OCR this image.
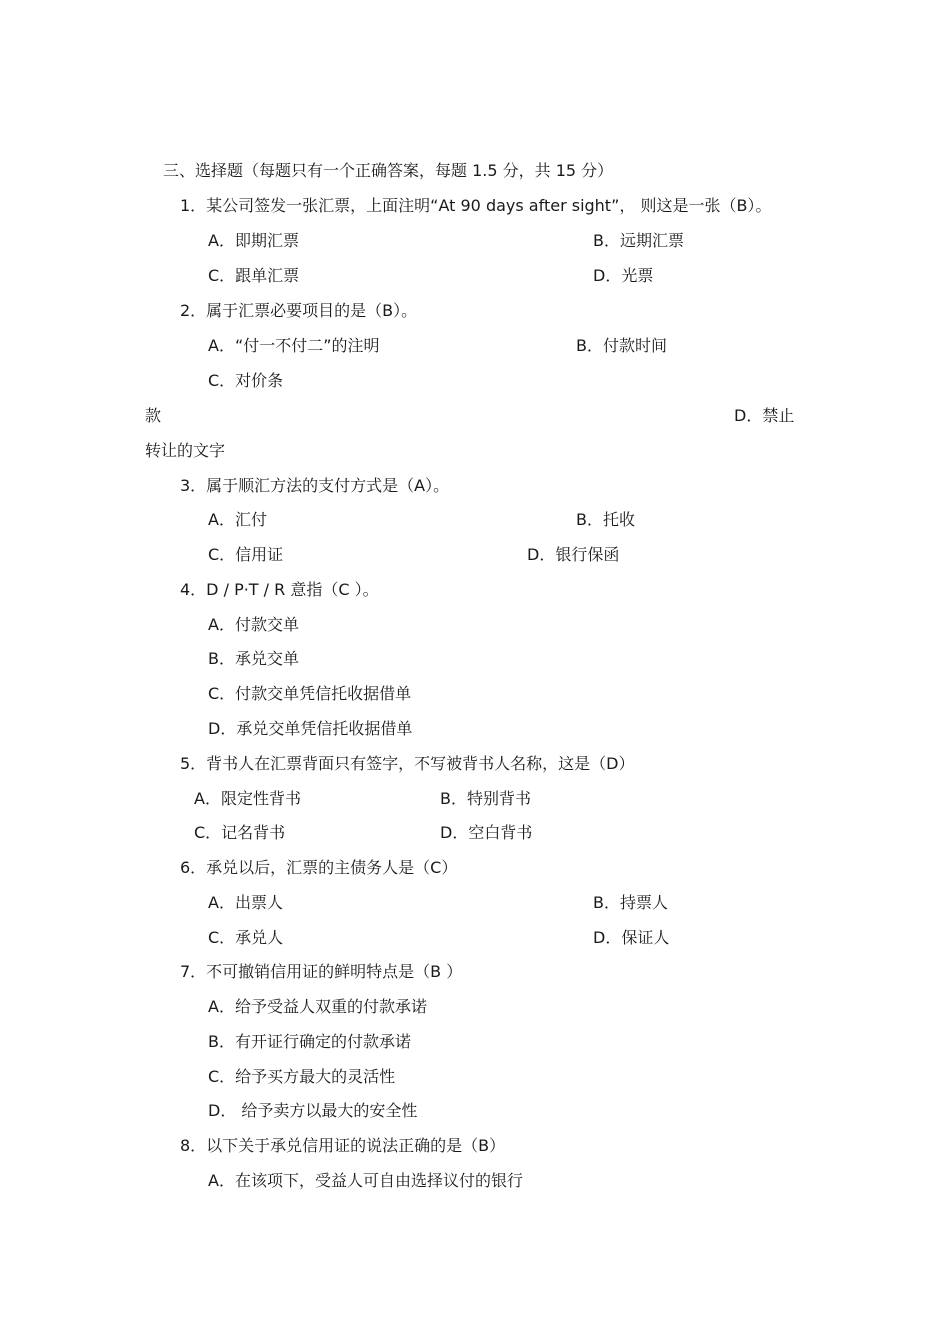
三、选择题（每题只有一个正确答案，每题 1.5 分，共 15 分）
1．某公司签发一张汇票，上面注明“At 90 days after sight”， 则这是一张（B）。
A．即期汇票	B．远期汇票
C．跟单汇票	D．光票
2．属于汇票必要项目的是（B）。
A．“付一不付二”的注明	B．付款时间
C．对价条
款	D．禁止
转让的文字
3．属于顺汇方法的支付方式是（A）。
A．汇付	B．托收
C．信用证	D．银行保函
4．D / P·T / R 意指（C ）。
A．付款交单
B．承兑交单
C．付款交单凭信托收据借单
D．承兑交单凭信托收据借单
5．背书人在汇票背面只有签字，不写被背书人名称，这是（D）
A．限定性背书	B．特别背书
C．记名背书	D．空白背书
6．承兑以后，汇票的主债务人是（C）
A．出票人	B．持票人
C．承兑人	D．保证人
7．不可撤销信用证的鲜明特点是（B ）
A．给予受益人双重的付款承诺
B．有开证行确定的付款承诺
C．给予买方最大的灵活性
D． 给予卖方以最大的安全性
8．以下关于承兑信用证的说法正确的是（B）
A．在该项下，受益人可自由选择议付的银行
